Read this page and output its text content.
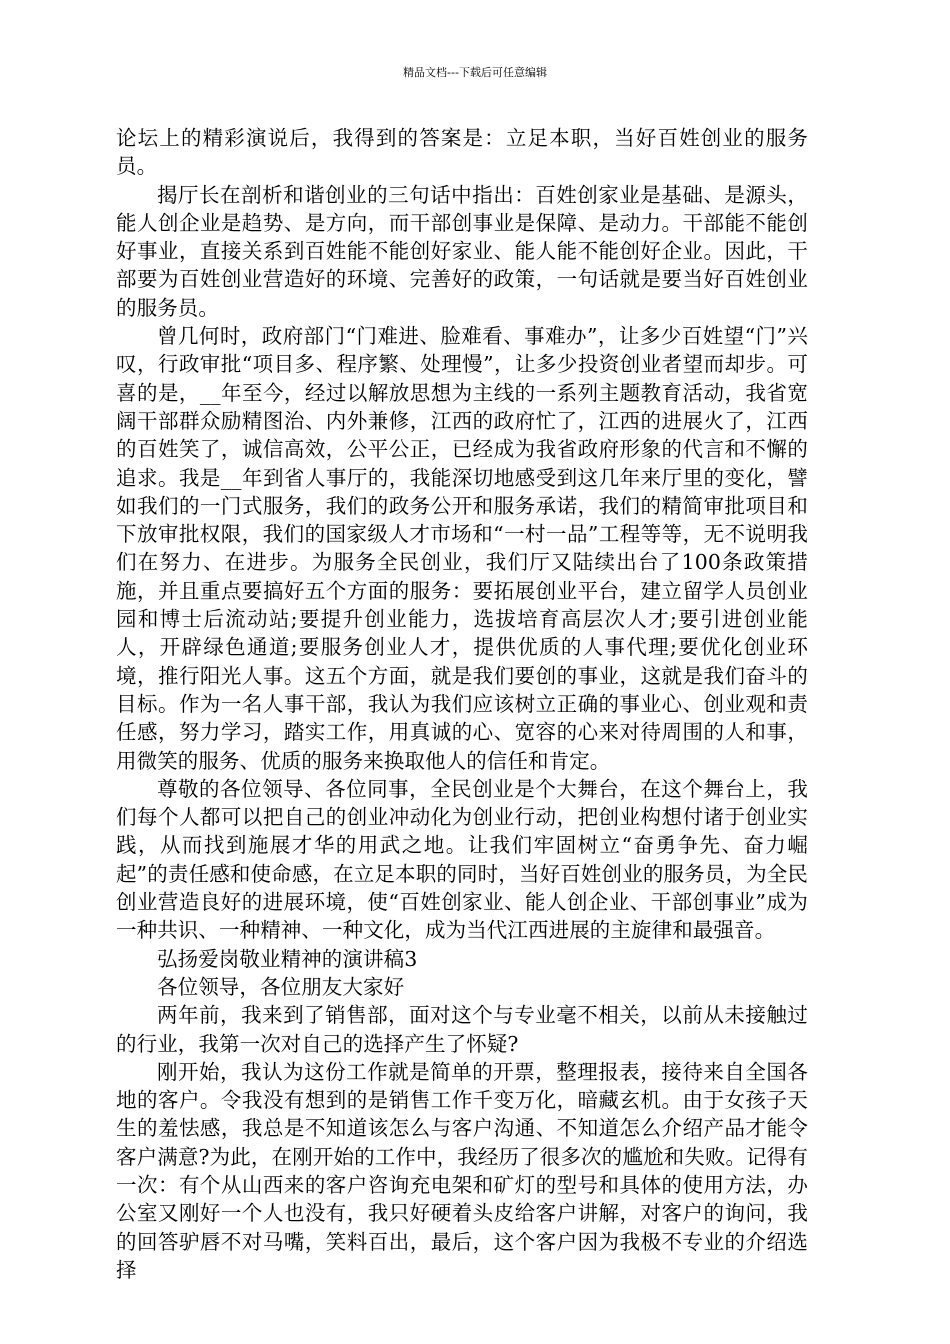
精品文档---下载后可任意编辑

论坛上的精彩演说后，我得到的答案是：立足本职，当好百姓创业的服务员。

揭厅长在剖析和谐创业的三句话中指出：百姓创家业是基础、是源头，能人创企业是趋势、是方向，而干部创事业是保障、是动力。干部能不能创好事业，直接关系到百姓能不能创好家业、能人能不能创好企业。因此，干部要为百姓创业营造好的环境、完善好的政策，一句话就是要当好百姓创业的服务员。

曾几何时，政府部门“门难进、脸难看、事难办”，让多少百姓望“门”兴叹，行政审批“项目多、程序繁、处理慢”，让多少投资创业者望而却步。可喜的是，__年至今，经过以解放思想为主线的一系列主题教育活动，我省宽阔干部群众励精图治、内外兼修，江西的政府忙了，江西的进展火了，江西的百姓笑了，诚信高效，公平公正，已经成为我省政府形象的代言和不懈的追求。我是__年到省人事厅的，我能深切地感受到这几年来厅里的变化，譬如我们的一门式服务，我们的政务公开和服务承诺，我们的精简审批项目和下放审批权限，我们的国家级人才市场和“一村一品”工程等等，无不说明我们在努力、在进步。为服务全民创业，我们厅又陆续出台了100条政策措施，并且重点要搞好五个方面的服务：要拓展创业平台，建立留学人员创业园和博士后流动站;要提升创业能力，选拔培育高层次人才;要引进创业能人，开辟绿色通道;要服务创业人才，提供优质的人事代理;要优化创业环境，推行阳光人事。这五个方面，就是我们要创的事业，这就是我们奋斗的目标。作为一名人事干部，我认为我们应该树立正确的事业心、创业观和责任感，努力学习，踏实工作，用真诚的心、宽容的心来对待周围的人和事，用微笑的服务、优质的服务来换取他人的信任和肯定。

尊敬的各位领导、各位同事，全民创业是个大舞台，在这个舞台上，我们每个人都可以把自己的创业冲动化为创业行动，把创业构想付诸于创业实践，从而找到施展才华的用武之地。让我们牢固树立“奋勇争先、奋力崛起”的责任感和使命感，在立足本职的同时，当好百姓创业的服务员，为全民创业营造良好的进展环境，使“百姓创家业、能人创企业、干部创事业”成为一种共识、一种精神、一种文化，成为当代江西进展的主旋律和最强音。

弘扬爱岗敬业精神的演讲稿3

各位领导，各位朋友大家好

两年前，我来到了销售部，面对这个与专业毫不相关，以前从未接触过的行业，我第一次对自己的选择产生了怀疑?

刚开始，我认为这份工作就是简单的开票，整理报表，接待来自全国各地的客户。令我没有想到的是销售工作千变万化，暗藏玄机。由于女孩子天生的羞怯感，我总是不知道该怎么与客户沟通、不知道怎么介绍产品才能令客户满意?为此，在刚开始的工作中，我经历了很多次的尴尬和失败。记得有一次：有个从山西来的客户咨询充电架和矿灯的型号和具体的使用方法，办公室又刚好一个人也没有，我只好硬着头皮给客户讲解，对客户的询问，我的回答驴唇不对马嘴，笑料百出，最后，这个客户因为我极不专业的介绍选择
